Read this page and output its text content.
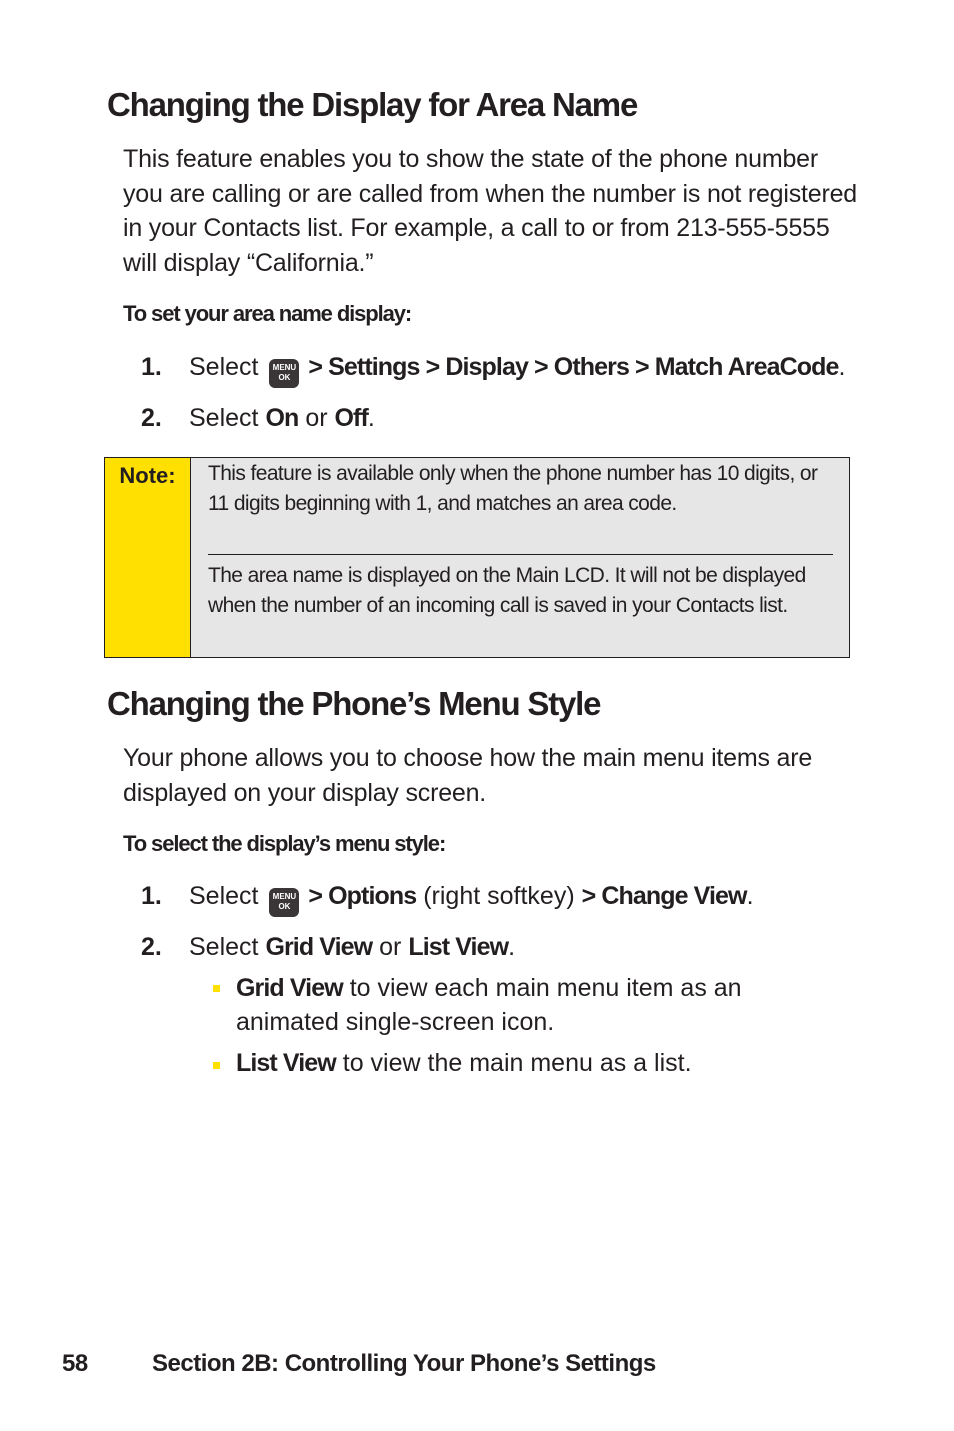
Changing the Display for Area Name

This feature enables you to show the state of the phone number you are calling or are called from when the number is not registered in your Contacts list. For example, a call to or from 213-555-5555 will display “California.”

To set your area name display:

1. Select MENU
OK > Settings > Display > Others > Match AreaCode.
2. Select On or Off.
Note:	This feature is available only when the phone number has 10 digits, or 11 digits beginning with 1, and matches an area code.
The area name is displayed on the Main LCD. It will not be displayed when the number of an incoming call is saved in your Contacts list.
Changing the Phone’s Menu Style

Your phone allows you to choose how the main menu items are displayed on your display screen.

To select the display’s menu style:

1. Select MENU
OK > Options (right softkey) > Change View.
2. Select Grid View or List View.
Grid View to view each main menu item as an animated single-screen icon.
List View to view the main menu as a list.
58	Section 2B: Controlling Your Phone’s Settings
